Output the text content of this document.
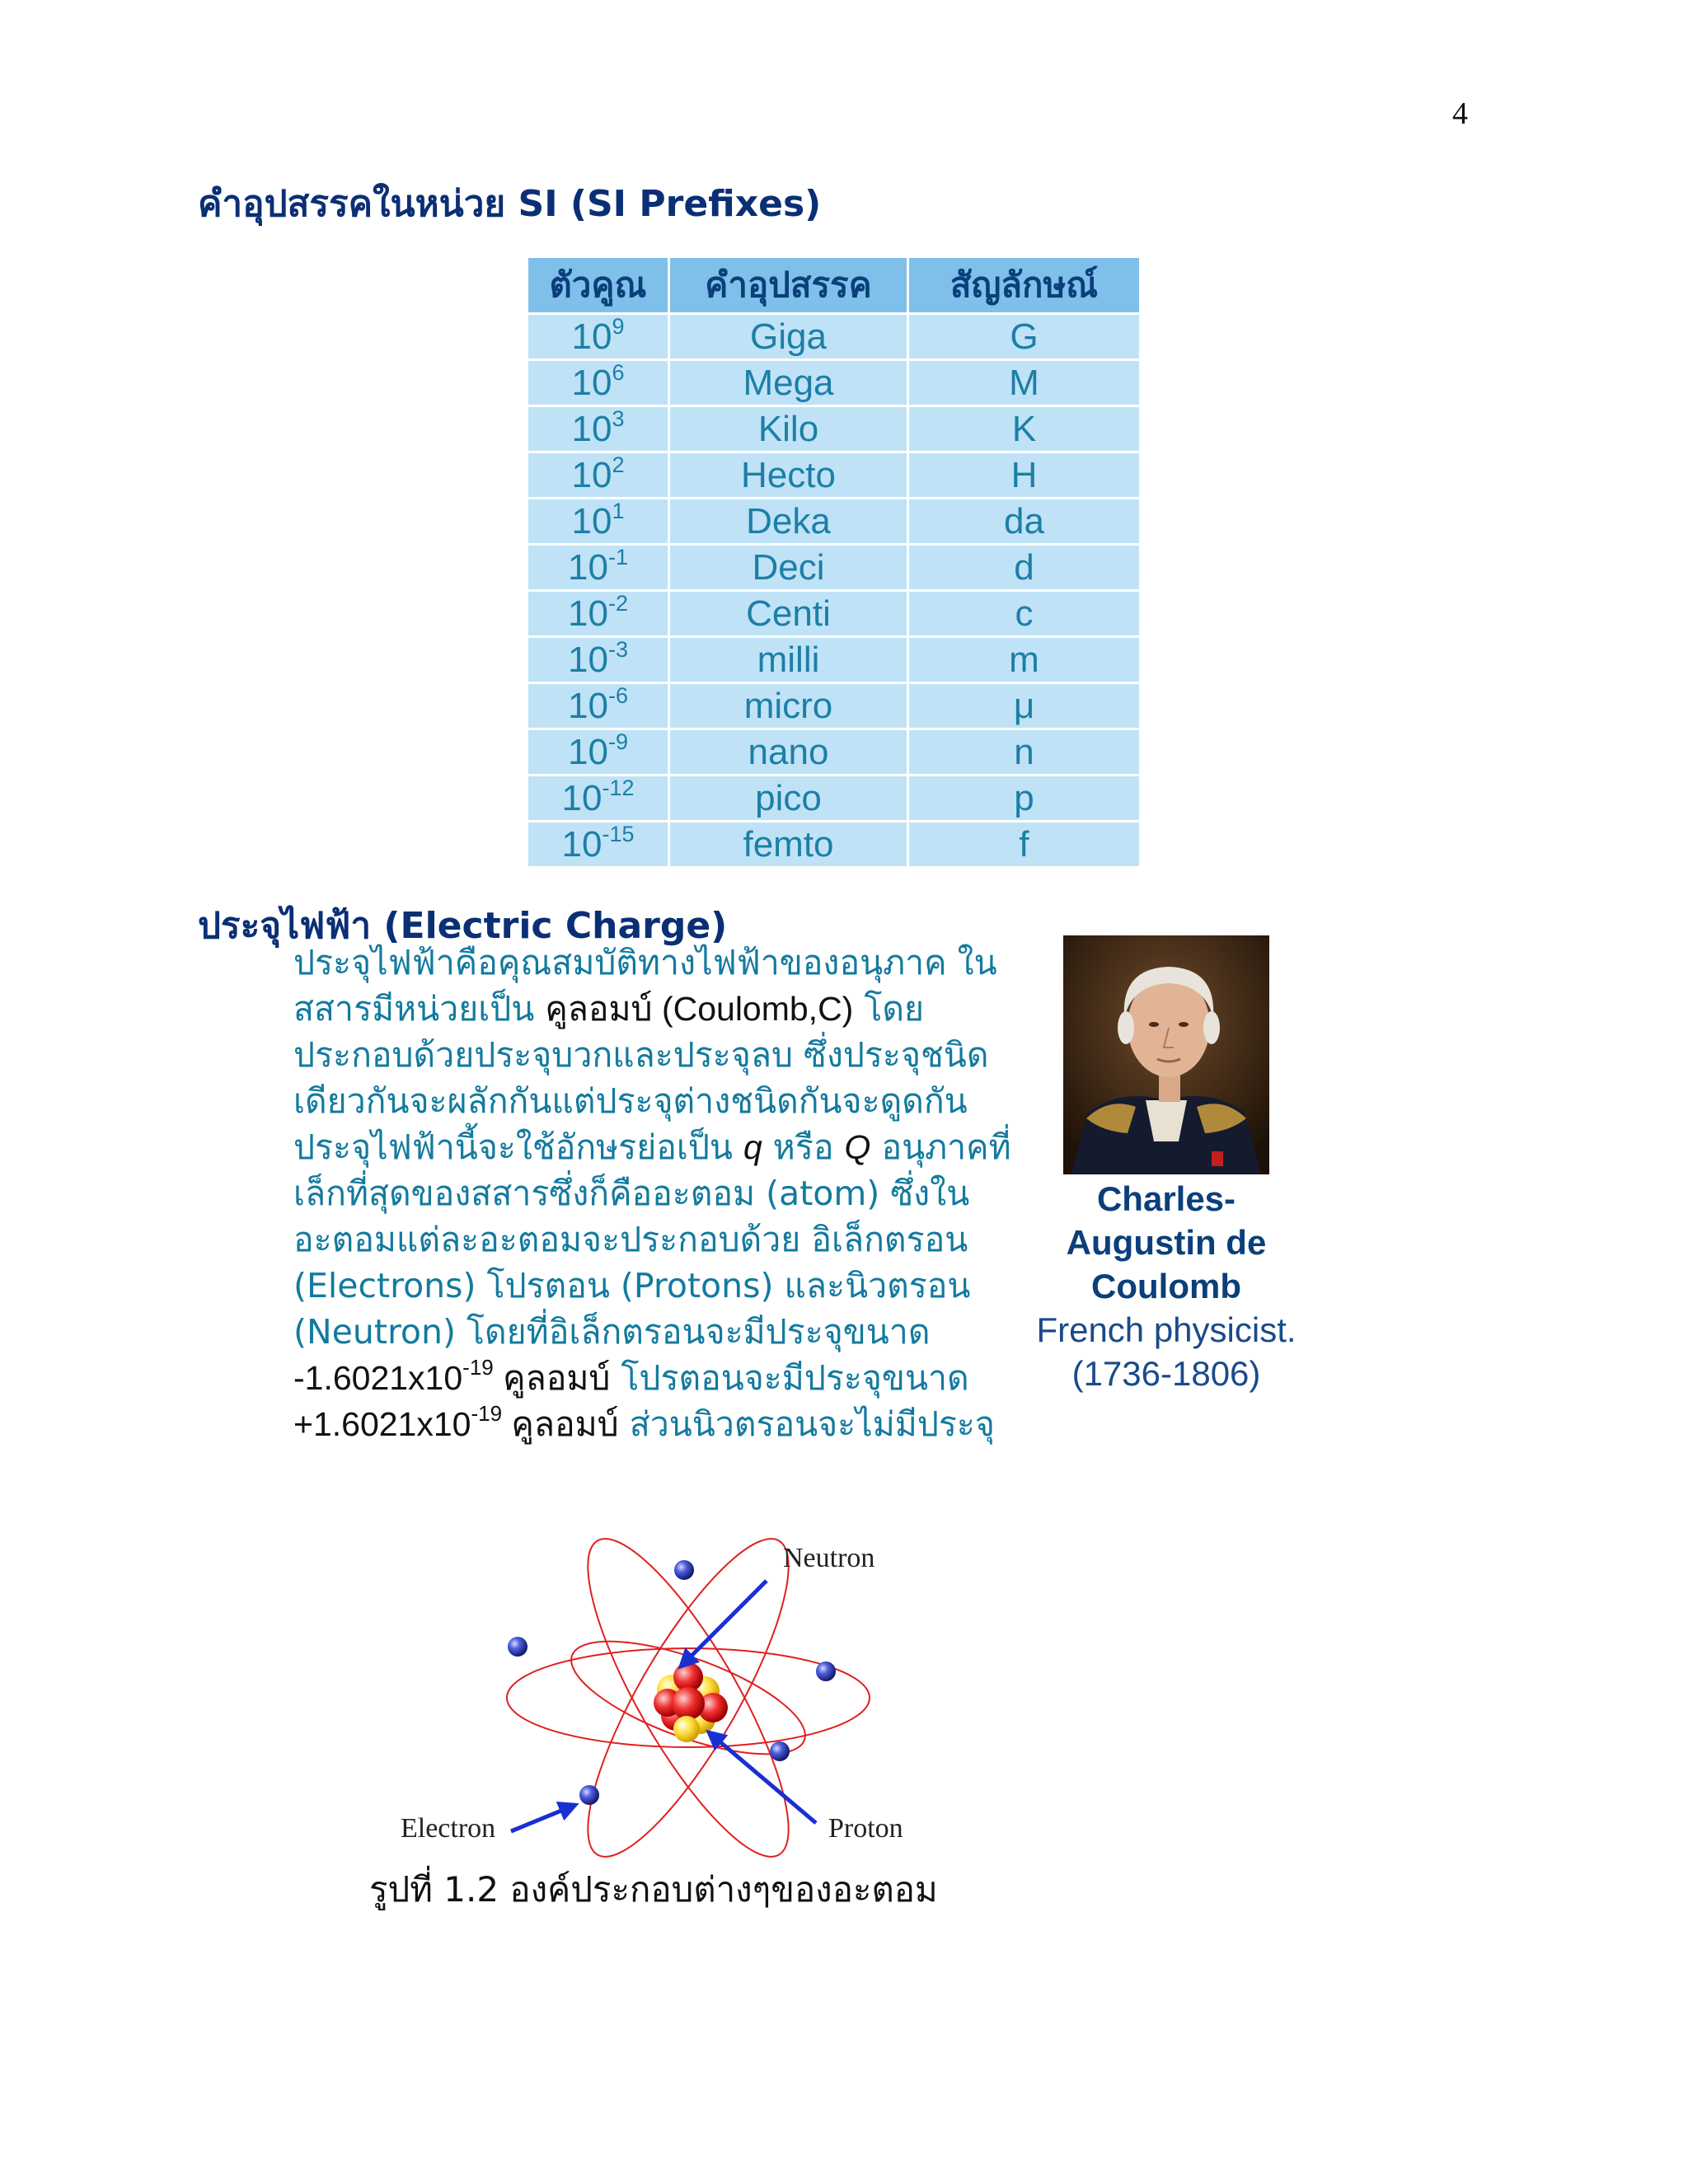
4
คำอุปสรรคในหน่วย SI (SI Prefixes)
ตัวคูณ	คำอุปสรรค	สัญลักษณ์
$10^9$	Giga	G
$10^6$	Mega	M
$10^3$	Kilo	K
$10^2$	Hecto	H
$10^1$	Deka	da
$10^{-1}$	Deci	d
$10^{-2}$	Centi	c
$10^{-3}$	milli	m
$10^{-6}$	micro	μ
$10^{-9}$	nano	n
$10^{-12}$	pico	p
$10^{-15}$	femto	f
ประจุไฟฟ้า (Electric Charge)
ประจุไฟฟ้าคือคุณสมบัติทางไฟฟ้าของอนุภาค ในสสารมีหน่วยเป็น คูลอมบ์ (Coulomb,C) โดยประกอบด้วยประจุบวกและประจุลบ ซึ่งประจุชนิดเดียวกันจะผลักกันแต่ประจุต่างชนิดกันจะดูดกัน ประจุไฟฟ้านี้จะใช้อักษรย่อเป็น q หรือ Q อนุภาคที่เล็กที่สุดของสสารซึ่งก็คืออะตอม (atom) ซึ่งในอะตอมแต่ละอะตอมจะประกอบด้วย อิเล็กตรอน (Electrons) โปรตอน (Protons) และนิวตรอน (Neutron) โดยที่อิเล็กตรอนจะมีประจุขนาด $-1.6021x10^{-19}$ คูลอมบ์ โปรตอนจะมีประจุขนาด $+1.6021x10^{-19}$ คูลอมบ์ ส่วนนิวตรอนจะไม่มีประจุ
Charles-Augustin de Coulomb
French physicist.(1736-1806)
Neutron
Electron	Proton
รูปที่ 1.2 องค์ประกอบต่างๆของอะตอม
